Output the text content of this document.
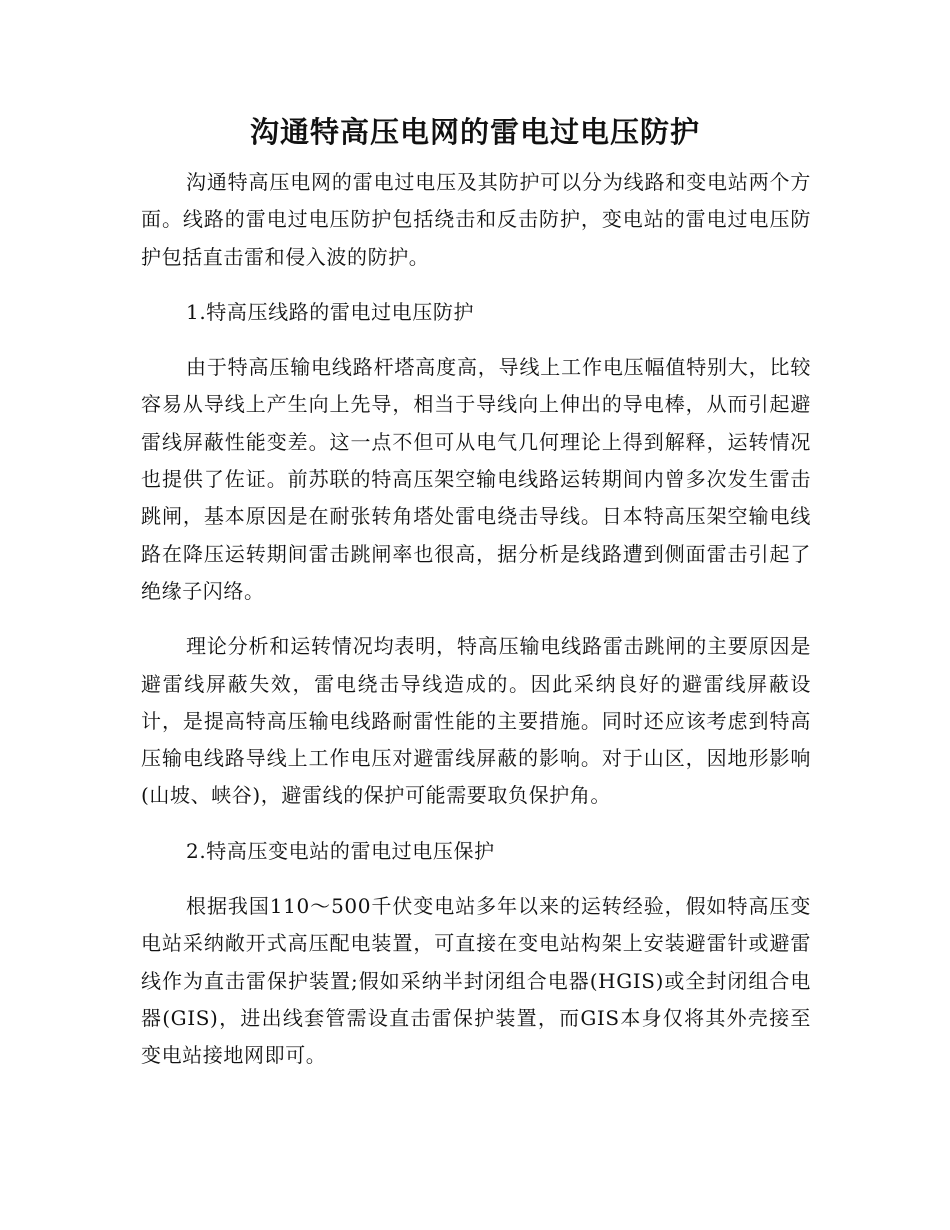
沟通特高压电网的雷电过电压防护

沟通特高压电网的雷电过电压及其防护可以分为线路和变电站两个方面。线路的雷电过电压防护包括绕击和反击防护，变电站的雷电过电压防护包括直击雷和侵入波的防护。

1.特高压线路的雷电过电压防护

由于特高压输电线路杆塔高度高，导线上工作电压幅值特别大，比较容易从导线上产生向上先导，相当于导线向上伸出的导电棒，从而引起避雷线屏蔽性能变差。这一点不但可从电气几何理论上得到解释，运转情况也提供了佐证。前苏联的特高压架空输电线路运转期间内曾多次发生雷击跳闸，基本原因是在耐张转角塔处雷电绕击导线。日本特高压架空输电线路在降压运转期间雷击跳闸率也很高，据分析是线路遭到侧面雷击引起了绝缘子闪络。

理论分析和运转情况均表明，特高压输电线路雷击跳闸的主要原因是避雷线屏蔽失效，雷电绕击导线造成的。因此采纳良好的避雷线屏蔽设计，是提高特高压输电线路耐雷性能的主要措施。同时还应该考虑到特高压输电线路导线上工作电压对避雷线屏蔽的影响。对于山区，因地形影响(山坡、峡谷)，避雷线的保护可能需要取负保护角。

2.特高压变电站的雷电过电压保护

根据我国110～500千伏变电站多年以来的运转经验，假如特高压变电站采纳敞开式高压配电装置，可直接在变电站构架上安装避雷针或避雷线作为直击雷保护装置;假如采纳半封闭组合电器(HGIS)或全封闭组合电器(GIS)，进出线套管需设直击雷保护装置，而GIS本身仅将其外壳接至变电站接地网即可。
